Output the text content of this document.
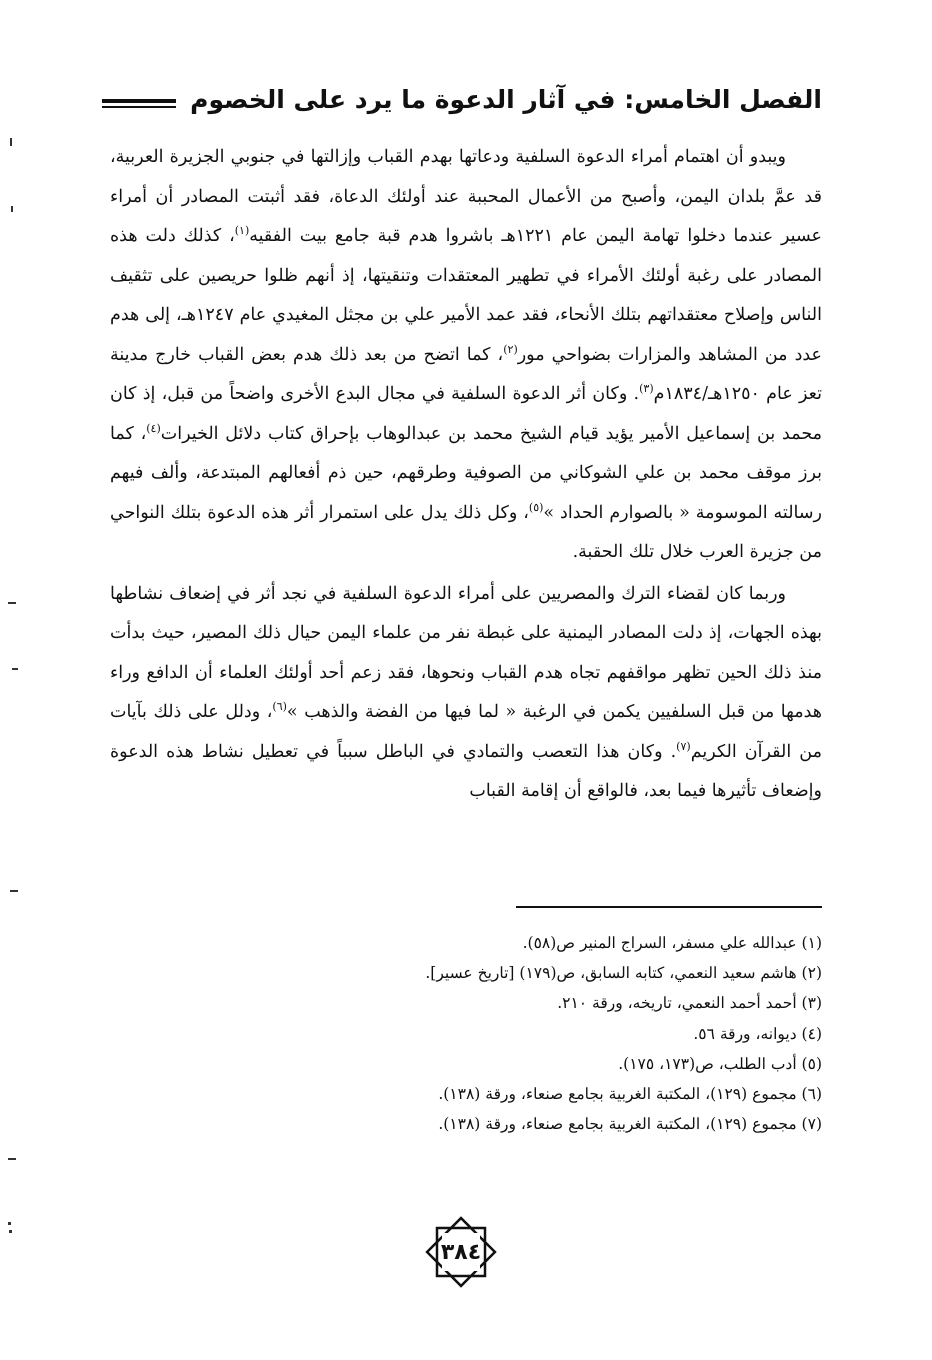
الفصل الخامس: في آثار الدعوة ما يرد على الخصوم

ويبدو أن اهتمام أمراء الدعوة السلفية ودعاتها بهدم القباب وإزالتها في جنوبي الجزيرة العربية، قد عمَّ بلدان اليمن، وأصبح من الأعمال المحببة عند أولئك الدعاة، فقد أثبتت المصادر أن أمراء عسير عندما دخلوا تهامة اليمن عام ١٢٢١هـ باشروا هدم قبة جامع بيت الفقيه$^{(١)}$، كذلك دلت هذه المصادر على رغبة أولئك الأمراء في تطهير المعتقدات وتنقيتها، إذ أنهم ظلوا حريصين على تثقيف الناس وإصلاح معتقداتهم بتلك الأنحاء، فقد عمد الأمير علي بن مجثل المغيدي عام ١٢٤٧هـ، إلى هدم عدد من المشاهد والمزارات بضواحي مور$^{(٢)}$، كما اتضح من بعد ذلك هدم بعض القباب خارج مدينة تعز عام ١٢٥٠هـ/١٨٣٤م$^{(٣)}$. وكان أثر الدعوة السلفية في مجال البدع الأخرى واضحاً من قبل، إذ كان محمد بن إسماعيل الأمير يؤيد قيام الشيخ محمد بن عبدالوهاب بإحراق كتاب دلائل الخيرات$^{(٤)}$، كما برز موقف محمد بن علي الشوكاني من الصوفية وطرقهم، حين ذم أفعالهم المبتدعة، وألف فيهم رسالته الموسومة « بالصوارم الحداد »$^{(٥)}$، وكل ذلك يدل على استمرار أثر هذه الدعوة بتلك النواحي من جزيرة العرب خلال تلك الحقبة.

وربما كان لقضاء الترك والمصريين على أمراء الدعوة السلفية في نجد أثر في إضعاف نشاطها بهذه الجهات، إذ دلت المصادر اليمنية على غبطة نفر من علماء اليمن حيال ذلك المصير، حيث بدأت منذ ذلك الحين تظهر مواقفهم تجاه هدم القباب ونحوها، فقد زعم أحد أولئك العلماء أن الدافع وراء هدمها من قبل السلفيين يكمن في الرغبة « لما فيها من الفضة والذهب »$^{(٦)}$، ودلل على ذلك بآيات من القرآن الكريم$^{(٧)}$. وكان هذا التعصب والتمادي في الباطل سبباً في تعطيل نشاط هذه الدعوة وإضعاف تأثيرها فيما بعد، فالواقع أن إقامة القباب

(١) عبدالله علي مسفر، السراج المنير ص(٥٨).
(٢) هاشم سعيد النعمي، كتابه السابق، ص(١٧٩) [تاريخ عسير].
(٣) أحمد أحمد النعمي، تاريخه، ورقة ٢١٠.
(٤) ديوانه، ورقة ٥٦.
(٥) أدب الطلب، ص(١٧٣، ١٧٥).
(٦) مجموع (١٢٩)، المكتبة الغربية بجامع صنعاء، ورقة (١٣٨).
(٧) مجموع (١٢٩)، المكتبة الغربية بجامع صنعاء، ورقة (١٣٨).
٣٨٤
